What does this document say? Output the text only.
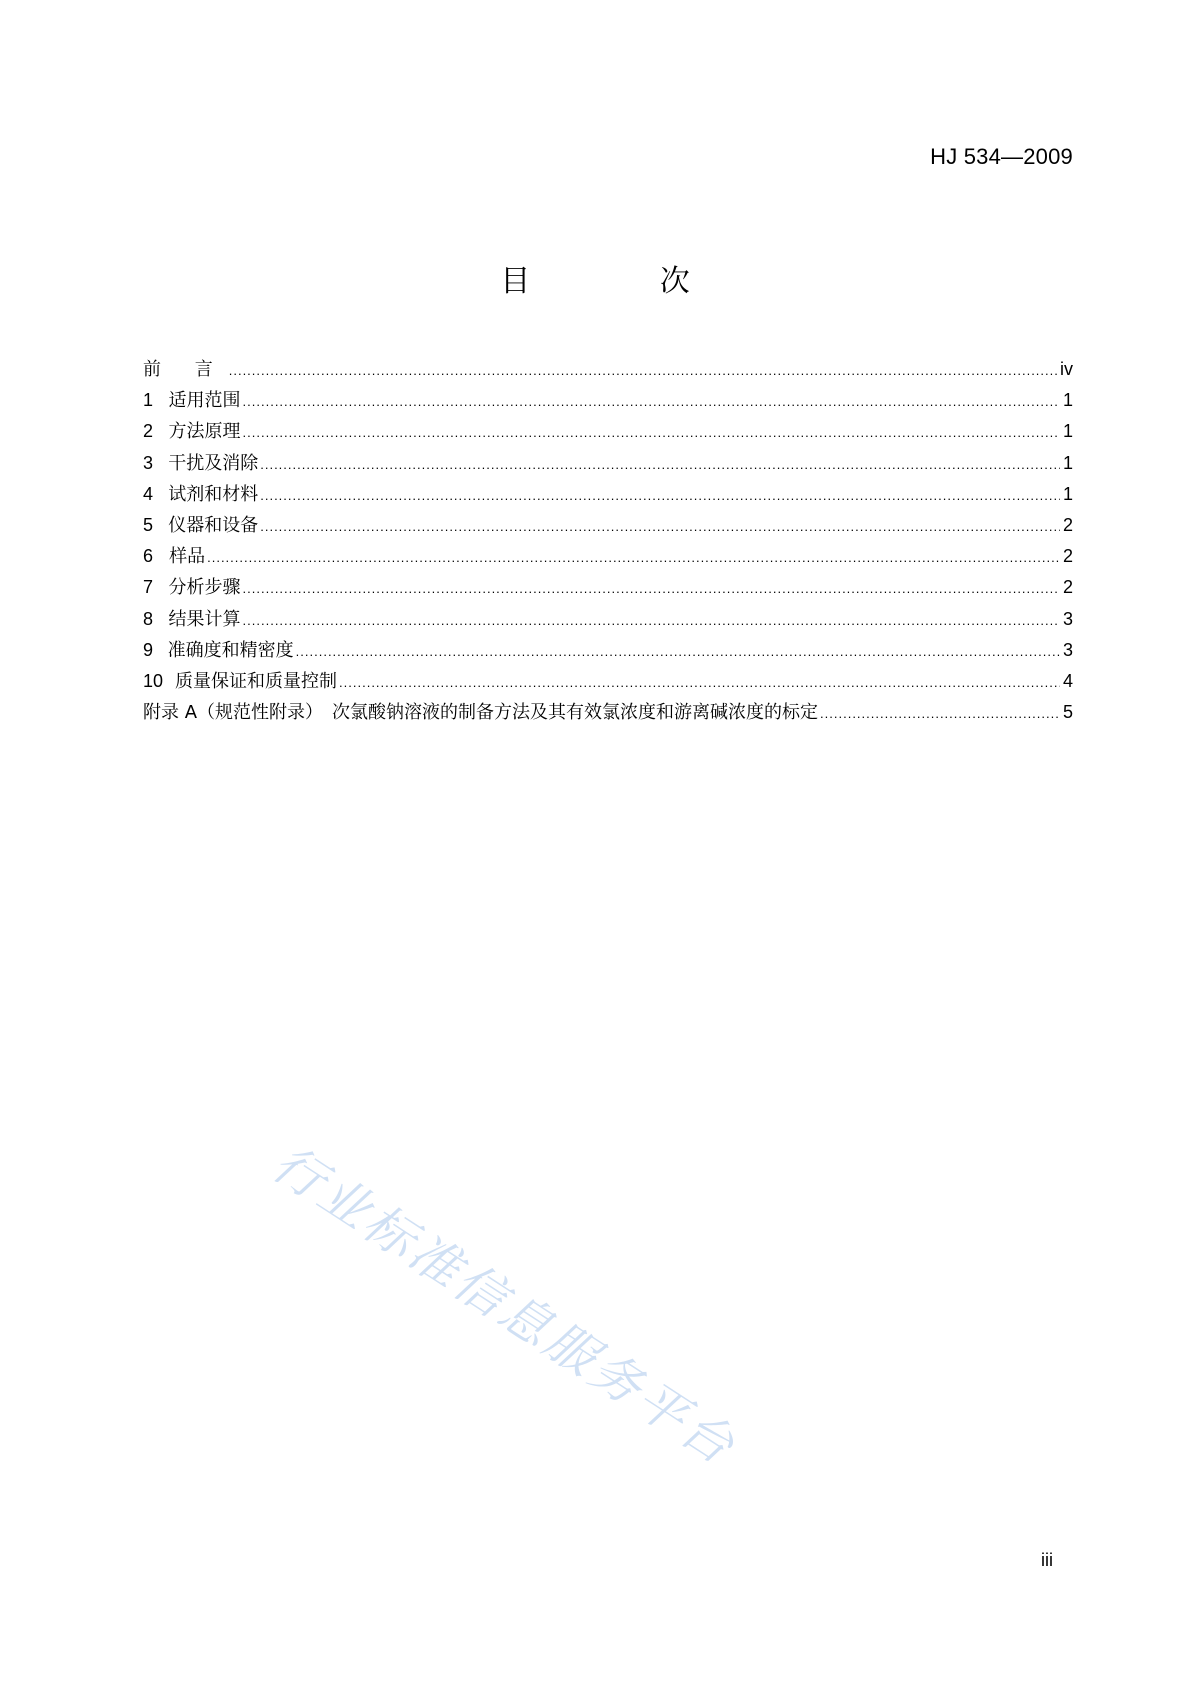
HJ 534—2009
目 次
前 言 .....	iv
1 适用范围 .....	1
2 方法原理 .....	1
3 干扰及消除 .....	1
4 试剂和材料 .....	1
5 仪器和设备 .....	2
6 样品 .....	2
7 分析步骤 .....	2
8 结果计算 .....	3
9 准确度和精密度 .....	3
10 质量保证和质量控制 .....	4
附录 A（规范性附录）　次氯酸钠溶液的制备方法及其有效氯浓度和游离碱浓度的标定 .....	5
iii
行业标准信息服务平台
